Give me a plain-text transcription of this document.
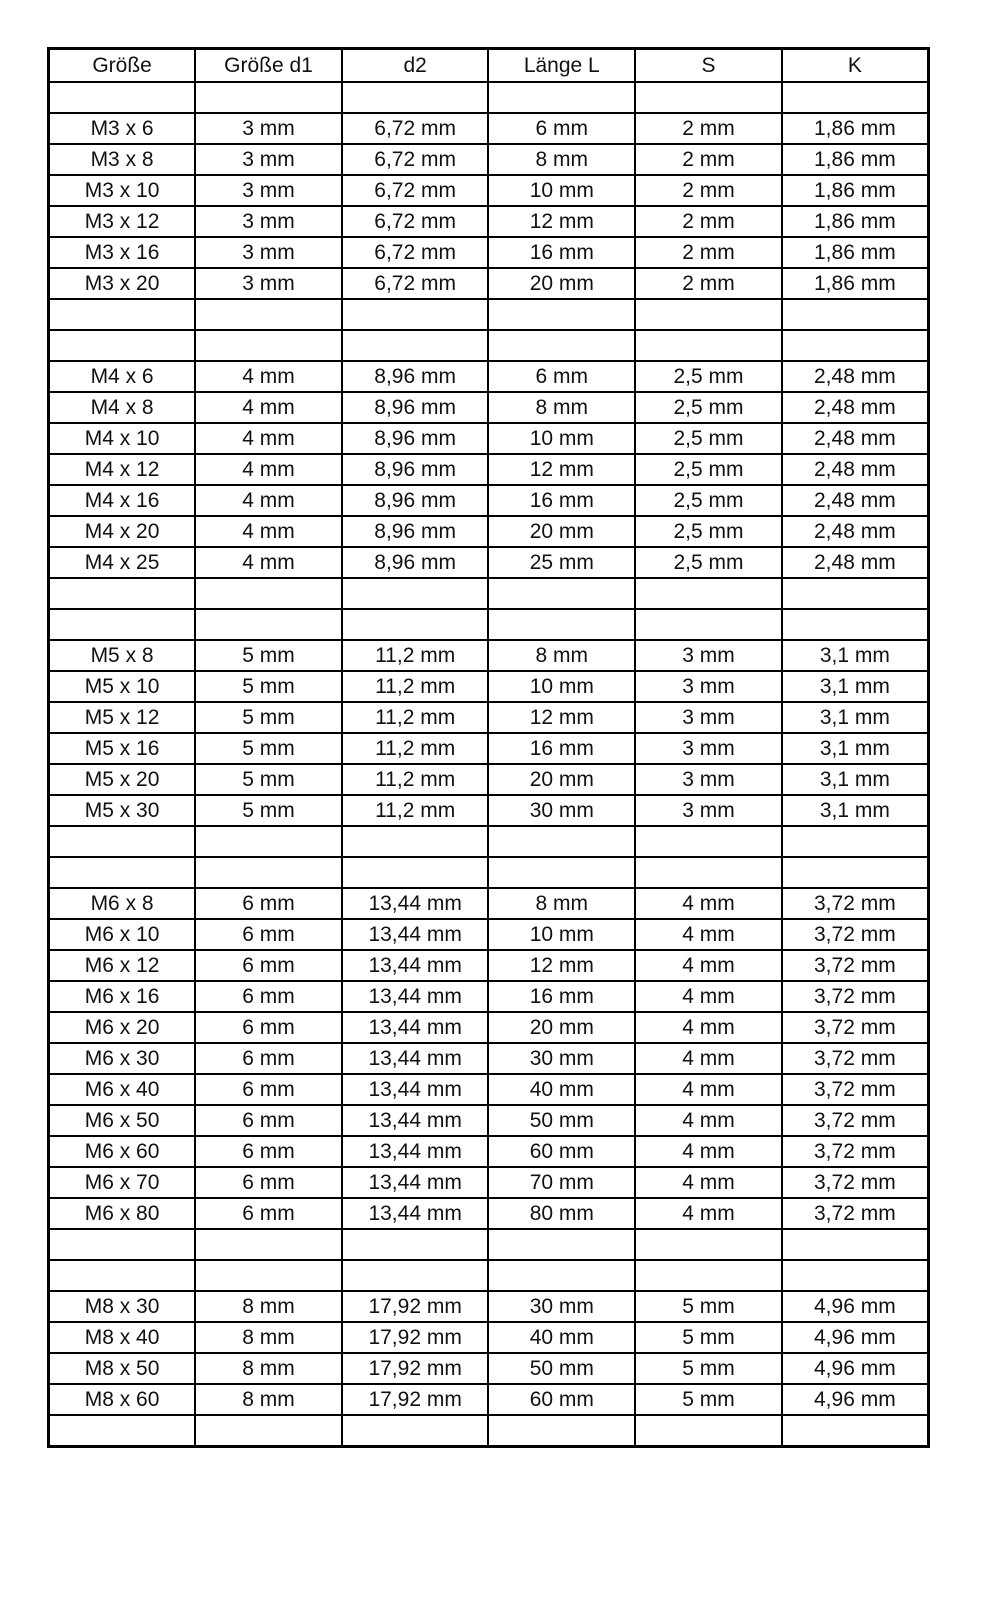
Größe	Größe d1	d2	Länge L	S	K

M3 x 6	3 mm	6,72 mm	6 mm	2 mm	1,86 mm
M3 x 8	3 mm	6,72 mm	8 mm	2 mm	1,86 mm
M3 x 10	3 mm	6,72 mm	10 mm	2 mm	1,86 mm
M3 x 12	3 mm	6,72 mm	12 mm	2 mm	1,86 mm
M3 x 16	3 mm	6,72 mm	16 mm	2 mm	1,86 mm
M3 x 20	3 mm	6,72 mm	20 mm	2 mm	1,86 mm

M4 x 6	4 mm	8,96 mm	6 mm	2,5 mm	2,48 mm
M4 x 8	4 mm	8,96 mm	8 mm	2,5 mm	2,48 mm
M4 x 10	4 mm	8,96 mm	10 mm	2,5 mm	2,48 mm
M4 x 12	4 mm	8,96 mm	12 mm	2,5 mm	2,48 mm
M4 x 16	4 mm	8,96 mm	16 mm	2,5 mm	2,48 mm
M4 x 20	4 mm	8,96 mm	20 mm	2,5 mm	2,48 mm
M4 x 25	4 mm	8,96 mm	25 mm	2,5 mm	2,48 mm

M5 x 8	5 mm	11,2 mm	8 mm	3 mm	3,1 mm
M5 x 10	5 mm	11,2 mm	10 mm	3 mm	3,1 mm
M5 x 12	5 mm	11,2 mm	12 mm	3 mm	3,1 mm
M5 x 16	5 mm	11,2 mm	16 mm	3 mm	3,1 mm
M5 x 20	5 mm	11,2 mm	20 mm	3 mm	3,1 mm
M5 x 30	5 mm	11,2 mm	30 mm	3 mm	3,1 mm

M6 x 8	6 mm	13,44 mm	8 mm	4 mm	3,72 mm
M6 x 10	6 mm	13,44 mm	10 mm	4 mm	3,72 mm
M6 x 12	6 mm	13,44 mm	12 mm	4 mm	3,72 mm
M6 x 16	6 mm	13,44 mm	16 mm	4 mm	3,72 mm
M6 x 20	6 mm	13,44 mm	20 mm	4 mm	3,72 mm
M6 x 30	6 mm	13,44 mm	30 mm	4 mm	3,72 mm
M6 x 40	6 mm	13,44 mm	40 mm	4 mm	3,72 mm
M6 x 50	6 mm	13,44 mm	50 mm	4 mm	3,72 mm
M6 x 60	6 mm	13,44 mm	60 mm	4 mm	3,72 mm
M6 x 70	6 mm	13,44 mm	70 mm	4 mm	3,72 mm
M6 x 80	6 mm	13,44 mm	80 mm	4 mm	3,72 mm

M8 x 30	8 mm	17,92 mm	30 mm	5 mm	4,96 mm
M8 x 40	8 mm	17,92 mm	40 mm	5 mm	4,96 mm
M8 x 50	8 mm	17,92 mm	50 mm	5 mm	4,96 mm
M8 x 60	8 mm	17,92 mm	60 mm	5 mm	4,96 mm
